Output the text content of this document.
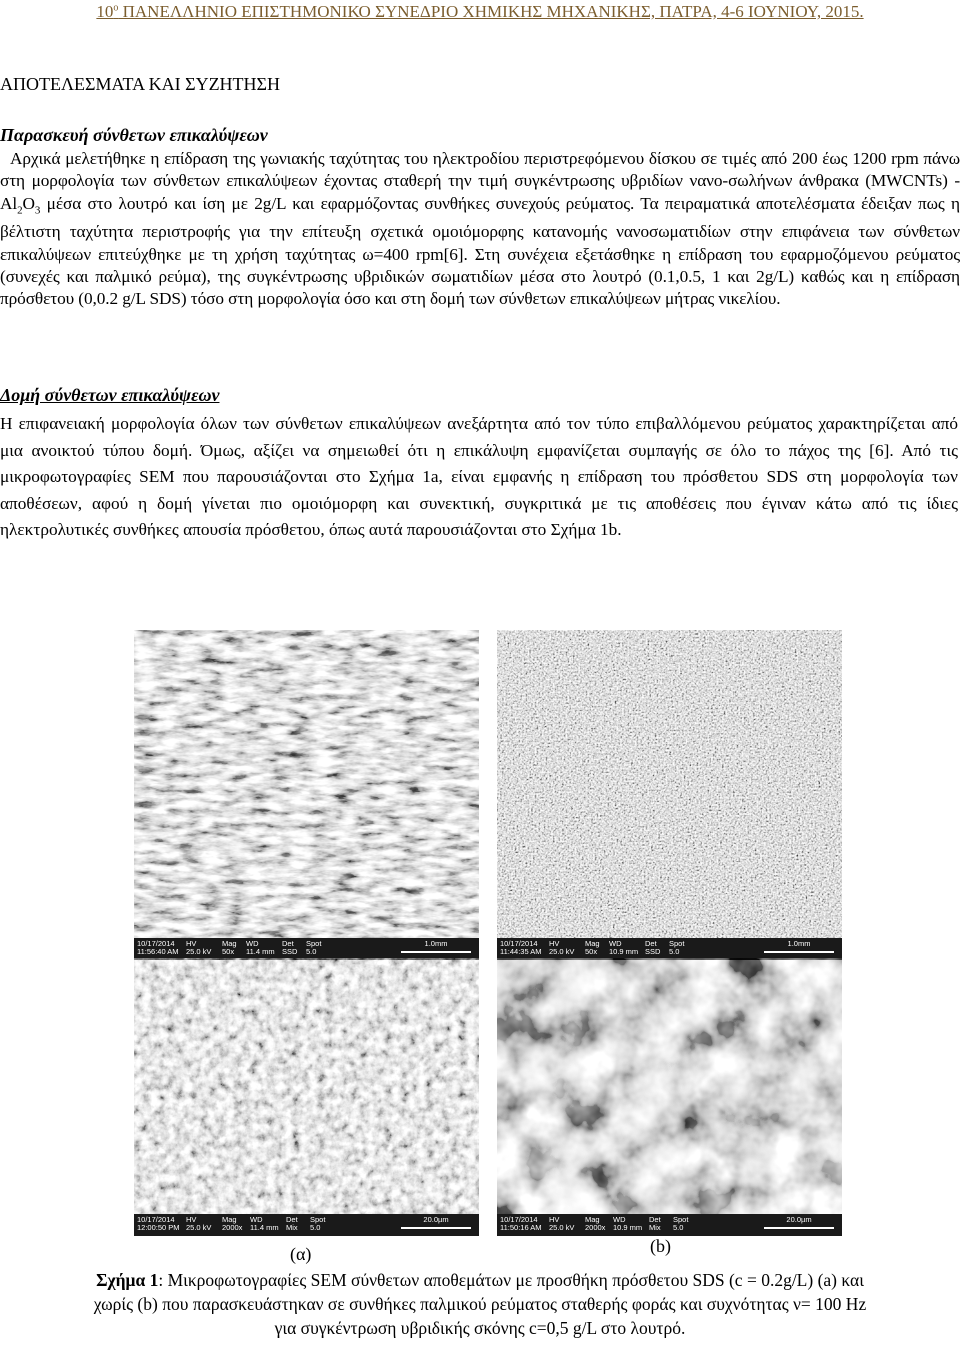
$10^o$ ΠΑΝΕΛΛΗΝΙΟ ΕΠΙΣΤΗΜΟΝΙΚΟ ΣΥΝΕΔΡΙΟ ΧΗΜΙΚΗΣ ΜΗΧΑΝΙΚΗΣ, ΠΑΤΡΑ, 4-6 ΙΟΥΝΙΟΥ, 2015.
ΑΠΟΤΕΛΕΣΜΑΤΑ ΚΑΙ ΣΥΖΗΤΗΣΗ
Παρασκευή σύνθετων επικαλύψεων
Αρχικά μελετήθηκε η επίδραση της γωνιακής ταχύτητας του ηλεκτροδίου περιστρεφόμενου δίσκου σε τιμές από 200 έως 1200 rpm πάνω στη μορφολογία των σύνθετων επικαλύψεων έχοντας σταθερή την τιμή συγκέντρωσης υβριδίων νανο-σωλήνων άνθρακα (MWCNTs) $-Al_2O_3$ μέσα στο λουτρό και ίση με 2g/L και εφαρμόζοντας συνθήκες συνεχούς ρεύματος. Τα πειραματικά αποτελέσματα έδειξαν πως η βέλτιστη ταχύτητα περιστροφής για την επίτευξη σχετικά ομοιόμορφης κατανομής νανοσωματιδίων στην επιφάνεια των σύνθετων επικαλύψεων επιτεύχθηκε με τη χρήση ταχύτητας ω=400 rpm[6]. Στη συνέχεια εξετάσθηκε η επίδραση του εφαρμοζόμενου ρεύματος (συνεχές και παλμικό ρεύμα), της συγκέντρωσης υβριδικών σωματιδίων μέσα στο λουτρό (0.1,0.5, 1 και 2g/L) καθώς και η επίδραση πρόσθετου (0,0.2 g/L SDS) τόσο στη μορφολογία όσο και στη δομή των σύνθετων επικαλύψεων μήτρας νικελίου.
Δομή σύνθετων επικαλύψεων
Η επιφανειακή μορφολογία όλων των σύνθετων επικαλύψεων ανεξάρτητα από τον τύπο επιβαλλόμενου ρεύματος χαρακτηρίζεται από μια ανοικτού τύπου δομή. Όμως, αξίζει να σημειωθεί ότι η επικάλυψη εμφανίζεται συμπαγής σε όλο το πάχος της [6]. Από τις μικροφωτογραφίες SEM που παρουσιάζονται στο Σχήμα 1a, είναι εμφανής η επίδραση του πρόσθετου SDS στη μορφολογία των αποθέσεων, αφού η δομή γίνεται πιο ομοιόμορφη και συνεκτική, συγκριτικά με τις αποθέσεις που έγιναν κάτω από τις ίδιες ηλεκτρολυτικές συνθήκες απουσία πρόσθετου, όπως αυτά παρουσιάζονται στο Σχήμα 1b.
10/17/2014
11:56:40 AM
HV
25.0 kV
Mag
50x
WD
11.4 mm
Det
SSD
Spot
5.0
1.0mm	10/17/2014
11:44:35 AM
HV
25.0 kV
Mag
50x
WD
10.9 mm
Det
SSD
Spot
5.0
1.0mm
10/17/2014
12:00:50 PM
HV
25.0 kV
Mag
2000x
WD
11.4 mm
Det
Mix
Spot
5.0
20.0µm	10/17/2014
11:50:16 AM
HV
25.0 kV
Mag
2000x
WD
10.9 mm
Det
Mix
Spot
5.0
20.0µm
(α)	(b)
Σχήμα 1: Μικροφωτογραφίες SEM σύνθετων αποθεμάτων με προσθήκη πρόσθετου SDS (c = 0.2g/L) (a) και
χωρίς (b) που παρασκευάστηκαν σε συνθήκες παλμικού ρεύματος σταθερής φοράς και συχνότητας ν= 100 Hz
για συγκέντρωση υβριδικής σκόνης c=0,5 g/L στο λουτρό.
